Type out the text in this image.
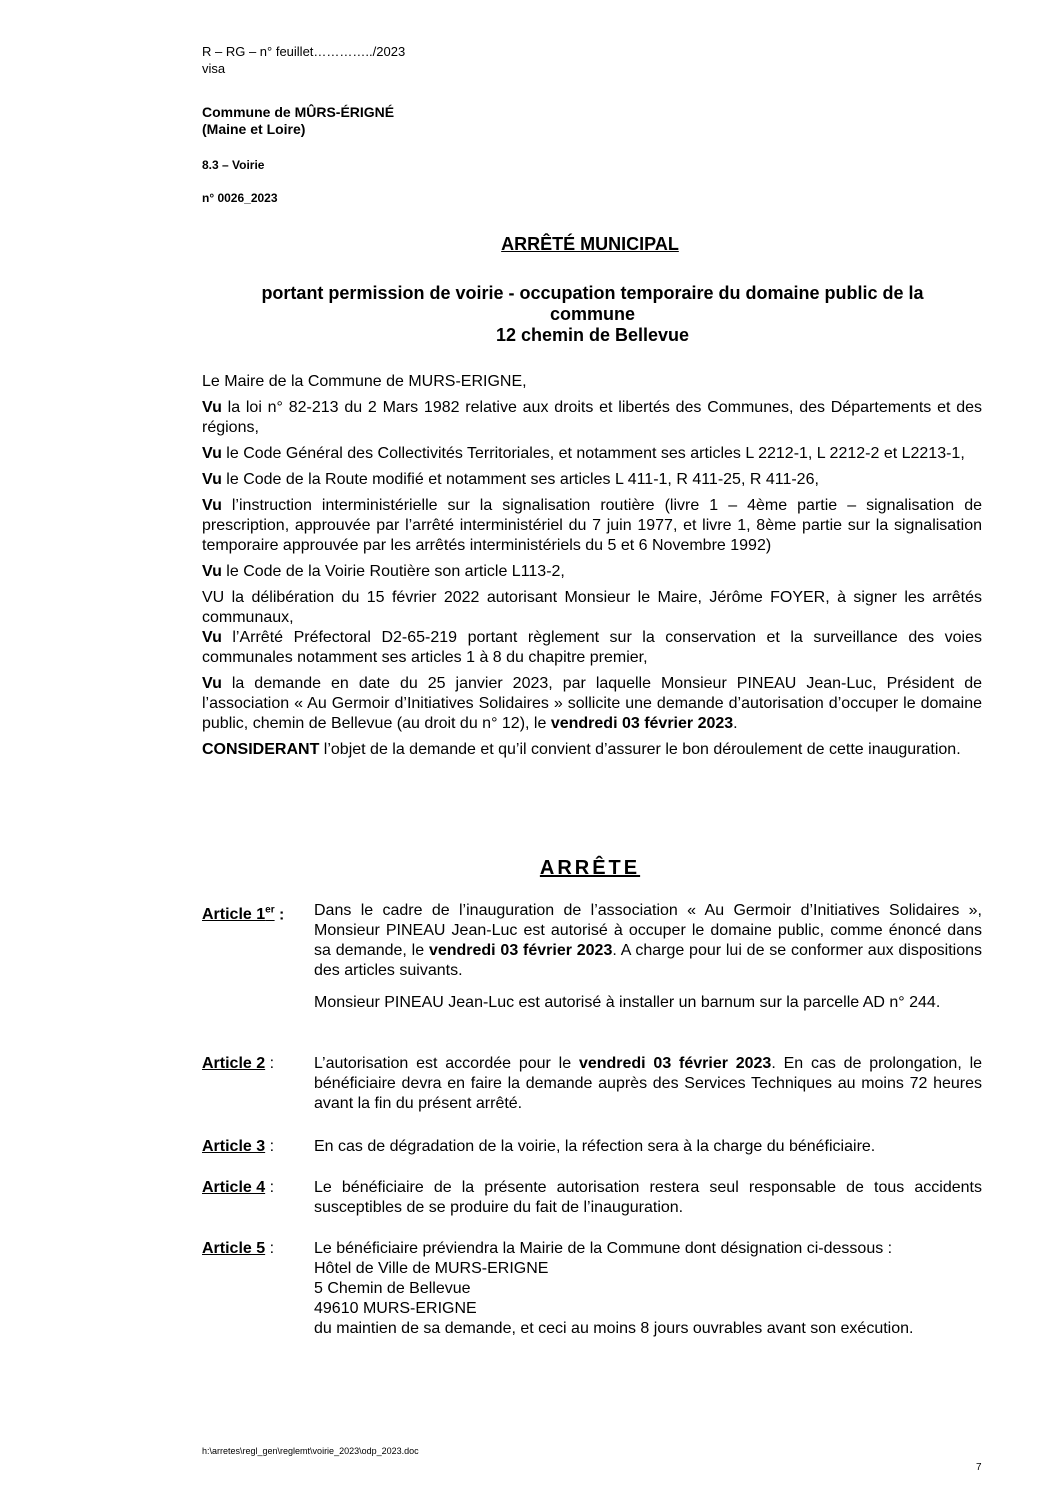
R – RG – n° feuillet…………../2023
visa
Commune de MÛRS-ÉRIGNÉ
(Maine et Loire)
8.3 – Voirie
n° 0026_2023
ARRÊTÉ MUNICIPAL
portant permission de voirie - occupation temporaire du domaine public de la commune
12 chemin de Bellevue

Le Maire de la Commune de MURS-ERIGNE,

Vu la loi n° 82-213 du 2 Mars 1982 relative aux droits et libertés des Communes, des Départements et des régions,

Vu le Code Général des Collectivités Territoriales, et notamment ses articles L 2212-1, L 2212-2 et L2213-1,

Vu le Code de la Route modifié et notamment ses articles L 411-1, R 411-25, R 411-26,

Vu l’instruction interministérielle sur la signalisation routière (livre 1 – 4ème partie – signalisation de prescription, approuvée par l’arrêté interministériel du 7 juin 1977, et livre 1, 8ème partie sur la signalisation temporaire approuvée par les arrêtés interministériels du 5 et 6 Novembre 1992)

Vu le Code de la Voirie Routière son article L113-2,

VU la délibération du 15 février 2022 autorisant Monsieur le Maire, Jérôme FOYER, à signer les arrêtés communaux,

Vu l’Arrêté Préfectoral D2-65-219 portant règlement sur la conservation et la surveillance des voies communales notamment ses articles 1 à 8 du chapitre premier,

Vu la demande en date du 25 janvier 2023, par laquelle Monsieur PINEAU Jean-Luc, Président de l’association « Au Germoir d’Initiatives Solidaires » sollicite une demande d’autorisation d’occuper le domaine public, chemin de Bellevue (au droit du n° 12), le vendredi 03 février 2023.

CONSIDERANT l’objet de la demande et qu’il convient d’assurer le bon déroulement de cette inauguration.

ARRÊTE
Article 1er : Dans le cadre de l’inauguration de l’association « Au Germoir d’Initiatives Solidaires », Monsieur PINEAU Jean-Luc est autorisé à occuper le domaine public, comme énoncé dans sa demande, le vendredi 03 février 2023. A charge pour lui de se conformer aux dispositions des articles suivants.

Monsieur PINEAU Jean-Luc est autorisé à installer un barnum sur la parcelle AD n° 244.

Article 2 : L’autorisation est accordée pour le vendredi 03 février 2023. En cas de prolongation, le bénéficiaire devra en faire la demande auprès des Services Techniques au moins 72 heures avant la fin du présent arrêté.
Article 3 : En cas de dégradation de la voirie, la réfection sera à la charge du bénéficiaire.
Article 4 : Le bénéficiaire de la présente autorisation restera seul responsable de tous accidents susceptibles de se produire du fait de l’inauguration.
Article 5 : Le bénéficiaire préviendra la Mairie de la Commune dont désignation ci-dessous :
Hôtel de Ville de MURS-ERIGNE
5 Chemin de Bellevue
49610 MURS-ERIGNE
du maintien de sa demande, et ceci au moins 8 jours ouvrables avant son exécution.
h:\arretes\regl_gen\reglemt\voirie_2023\odp_2023.doc
7
